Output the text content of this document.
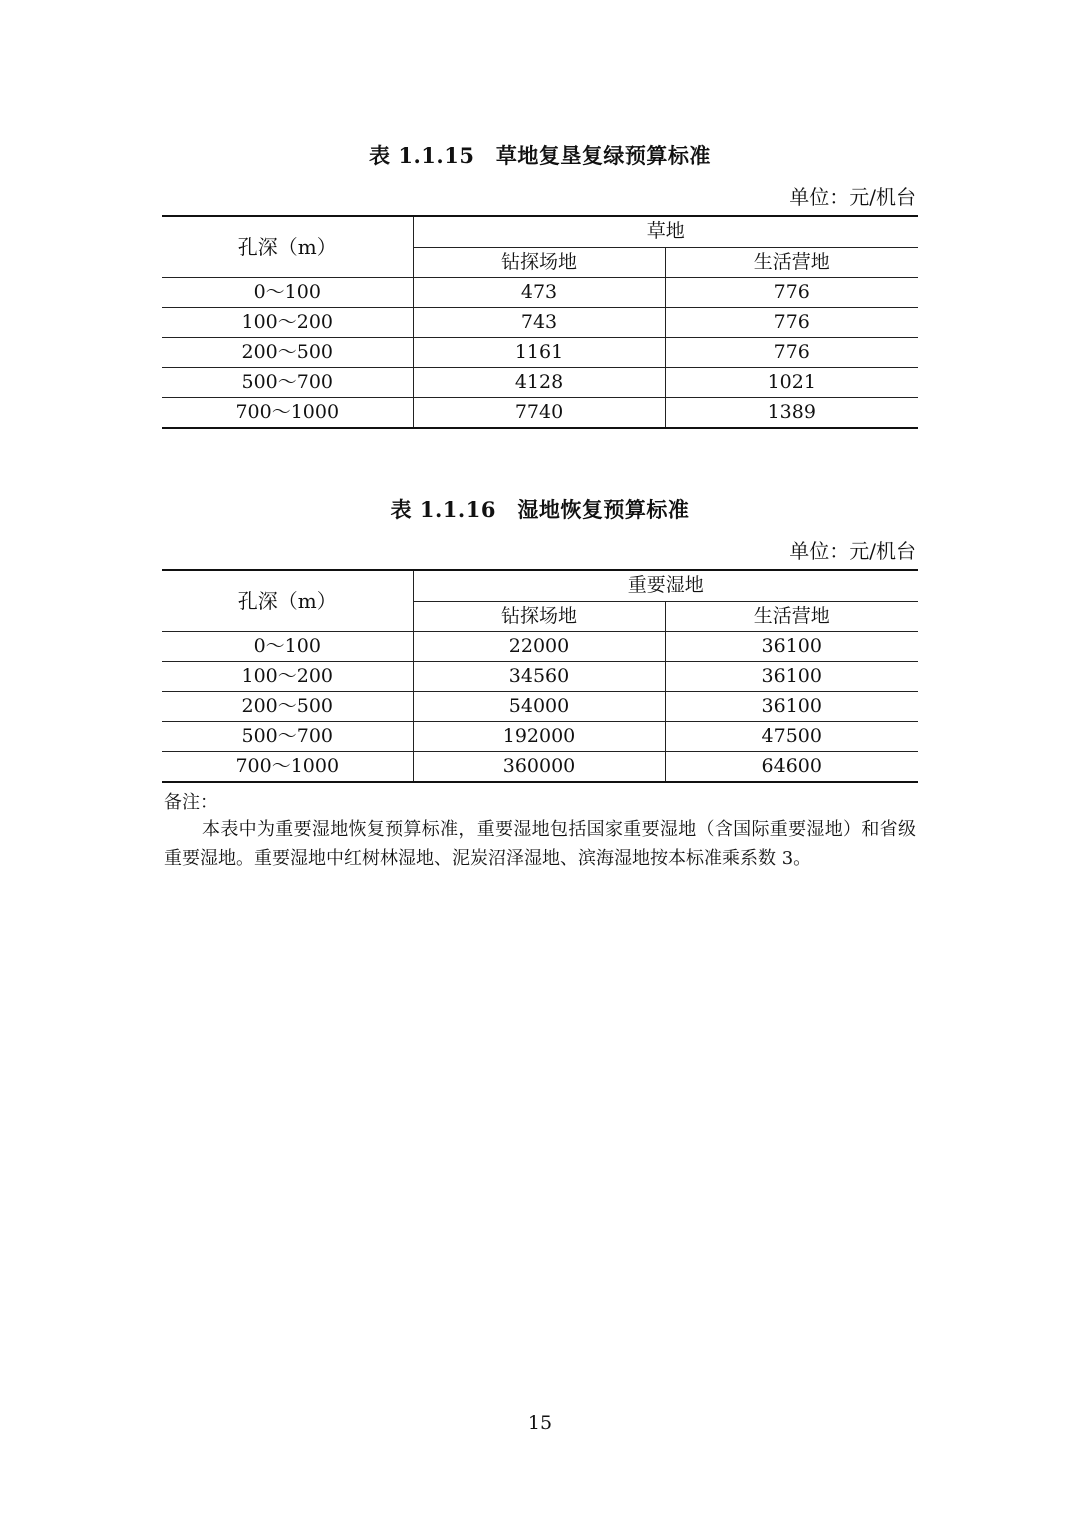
表 1.1.15　草地复垦复绿预算标准
单位：元/机台
孔深（m）	草地	
	钻探场地	生活营地
0～100	473	776
100～200	743	776
200～500	1161	776
500～700	4128	1021
700～1000	7740	1389
表 1.1.16　湿地恢复预算标准
单位：元/机台
孔深（m）	重要湿地	
	钻探场地	生活营地
0～100	22000	36100
100～200	34560	36100
200～500	54000	36100
500～700	192000	47500
700～1000	360000	64600
备注：
本表中为重要湿地恢复预算标准，重要湿地包括国家重要湿地（含国际重要湿地）和省级重要湿地。重要湿地中红树林湿地、泥炭沼泽湿地、滨海湿地按本标准乘系数 3。
15
